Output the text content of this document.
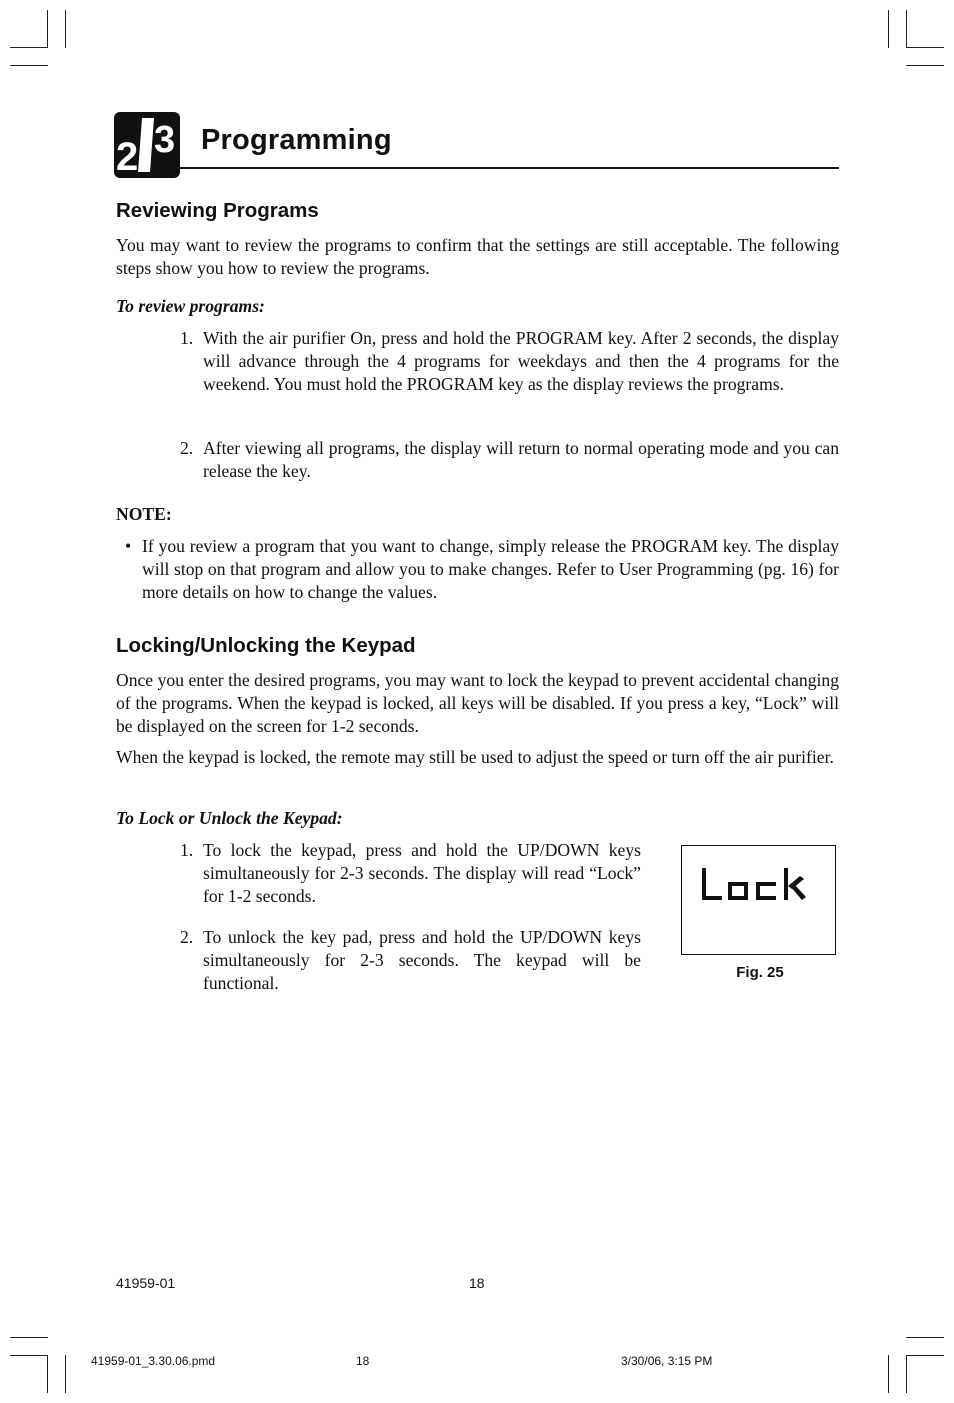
2 3 Programming
Reviewing Programs

You may want to review the programs to confirm that the settings are still acceptable. The following steps show you how to review the programs.

To review programs:

1. With the air purifier On, press and hold the PROGRAM key. After 2 seconds, the display will advance through the 4 programs for weekdays and then the 4 programs for the weekend. You must hold the PROGRAM key as the display reviews the programs.
2. After viewing all programs, the display will return to normal operating mode and you can release the key.

NOTE:

• If you review a program that you want to change, simply release the PROGRAM key. The display will stop on that program and allow you to make changes. Refer to User Programming (pg. 16) for more details on how to change the values.
Locking/Unlocking the Keypad

Once you enter the desired programs, you may want to lock the keypad to prevent accidental changing of the programs. When the keypad is locked, all keys will be disabled. If you press a key, “Lock” will be displayed on the screen for 1-2 seconds.

When the keypad is locked, the remote may still be used to adjust the speed or turn off the air purifier.

To Lock or Unlock the Keypad:

1. To lock the keypad, press and hold the UP/DOWN keys simultaneously for 2-3 seconds. The display will read “Lock” for 1-2 seconds.
2. To unlock the key pad, press and hold the UP/DOWN keys simultaneously for 2-3 seconds. The keypad will be functional.
Fig. 25
41959-01	18
41959-01_3.30.06.pmd	18	3/30/06, 3:15 PM
